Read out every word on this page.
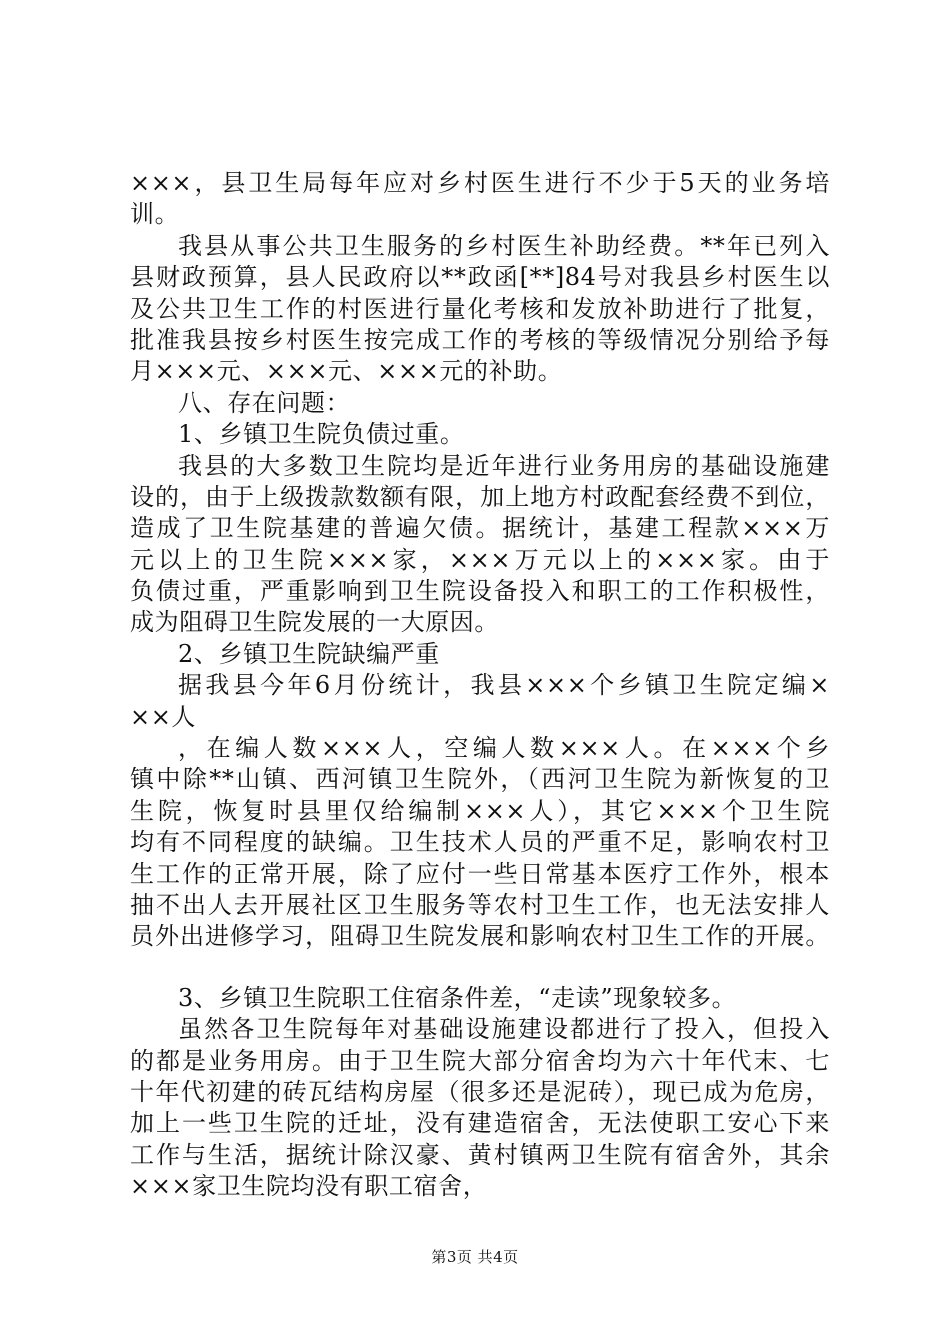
×××，县卫生局每年应对乡村医生进行不少于5天的业务培
训。
我县从事公共卫生服务的乡村医生补助经费。**年已列入
县财政预算，县人民政府以**政函[**]84号对我县乡村医生以
及公共卫生工作的村医进行量化考核和发放补助进行了批复，
批准我县按乡村医生按完成工作的考核的等级情况分别给予每
月×××元、×××元、×××元的补助。
八、存在问题：
1、乡镇卫生院负债过重。
我县的大多数卫生院均是近年进行业务用房的基础设施建
设的，由于上级拨款数额有限，加上地方村政配套经费不到位，
造成了卫生院基建的普遍欠债。据统计，基建工程款×××万
元以上的卫生院×××家，×××万元以上的×××家。由于
负债过重，严重影响到卫生院设备投入和职工的工作积极性，
成为阻碍卫生院发展的一大原因。
2、乡镇卫生院缺编严重
据我县今年6月份统计，我县×××个乡镇卫生院定编×
××人
，在编人数×××人，空编人数×××人。在×××个乡
镇中除**山镇、西河镇卫生院外，（西河卫生院为新恢复的卫
生院，恢复时县里仅给编制×××人），其它×××个卫生院
均有不同程度的缺编。卫生技术人员的严重不足，影响农村卫
生工作的正常开展，除了应付一些日常基本医疗工作外，根本
抽不出人去开展社区卫生服务等农村卫生工作，也无法安排人
员外出进修学习，阻碍卫生院发展和影响农村卫生工作的开展。
3、乡镇卫生院职工住宿条件差，“走读”现象较多。
虽然各卫生院每年对基础设施建设都进行了投入，但投入
的都是业务用房。由于卫生院大部分宿舍均为六十年代末、七
十年代初建的砖瓦结构房屋（很多还是泥砖），现已成为危房，
加上一些卫生院的迁址，没有建造宿舍，无法使职工安心下来
工作与生活，据统计除汉豪、黄村镇两卫生院有宿舍外，其余
×××家卫生院均没有职工宿舍，
第3页 共4页
